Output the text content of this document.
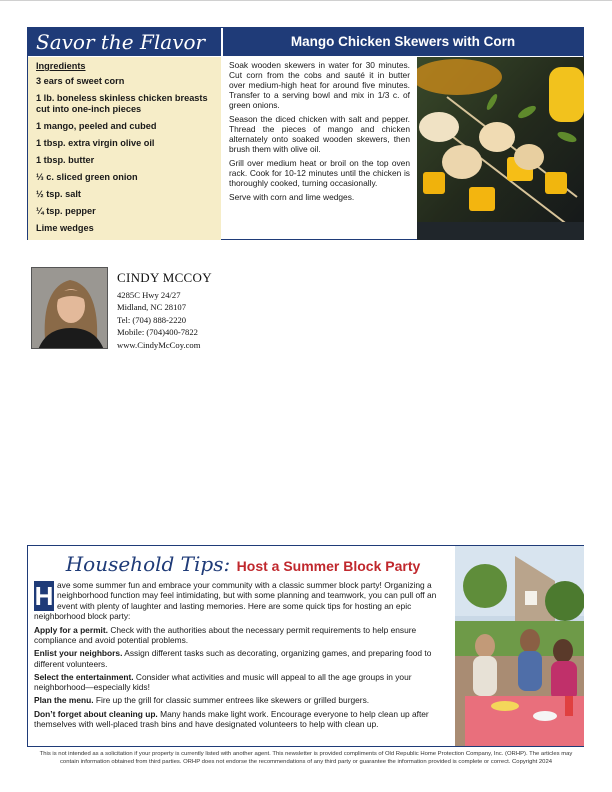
Savor the Flavor	Mango Chicken Skewers with Corn
Ingredients
3 ears of sweet corn
1 lb. boneless skinless chicken breasts cut into one-inch pieces
1 mango, peeled and cubed
1 tbsp. extra virgin olive oil
1 tbsp. butter
⅓ c. sliced green onion
½ tsp. salt
¼ tsp. pepper
Lime wedges

Soak wooden skewers in water for 30 minutes. Cut corn from the cobs and sauté it in butter over medium-high heat for around five minutes. Transfer to a serving bowl and mix in 1/3 c. of green onions.

Season the diced chicken with salt and pepper. Thread the pieces of mango and chicken alternately onto soaked wooden skewers, then brush them with olive oil.

Grill over medium heat or broil on the top oven rack. Cook for 10-12 minutes until the chicken is thoroughly cooked, turning occasionally.

Serve with corn and lime wedges.

CINDY MCCOY
4285C Hwy 24/27
Midland, NC 28107
Tel: (704) 888-2220
Mobile: (704)400-7822
www.CindyMcCoy.com
Household Tips: Host a Summer Block Party
H ave some summer fun and embrace your community with a classic summer block party! Organizing a neighborhood function may feel intimidating, but with some planning and teamwork, you can pull off an event with plenty of laughter and lasting memories. Here are some quick tips for hosting an epic neighborhood block party:
Apply for a permit. Check with the authorities about the necessary permit requirements to help ensure compliance and avoid potential problems.
Enlist your neighbors. Assign different tasks such as decorating, organizing games, and preparing food to different volunteers.
Select the entertainment. Consider what activities and music will appeal to all the age groups in your neighborhood—especially kids!
Plan the menu. Fire up the grill for classic summer entrees like skewers or grilled burgers.
Don’t forget about cleaning up. Many hands make light work. Encourage everyone to help clean up after themselves with well-placed trash bins and have designated volunteers to help with clean up.
This is not intended as a solicitation if your property is currently listed with another agent. This newsletter is provided compliments of Old Republic Home Protection Company, Inc. (ORHP). The articles may contain information obtained from third parties. ORHP does not endorse the recommendations of any third party or guarantee the information provided is complete or correct. Copyright 2024
